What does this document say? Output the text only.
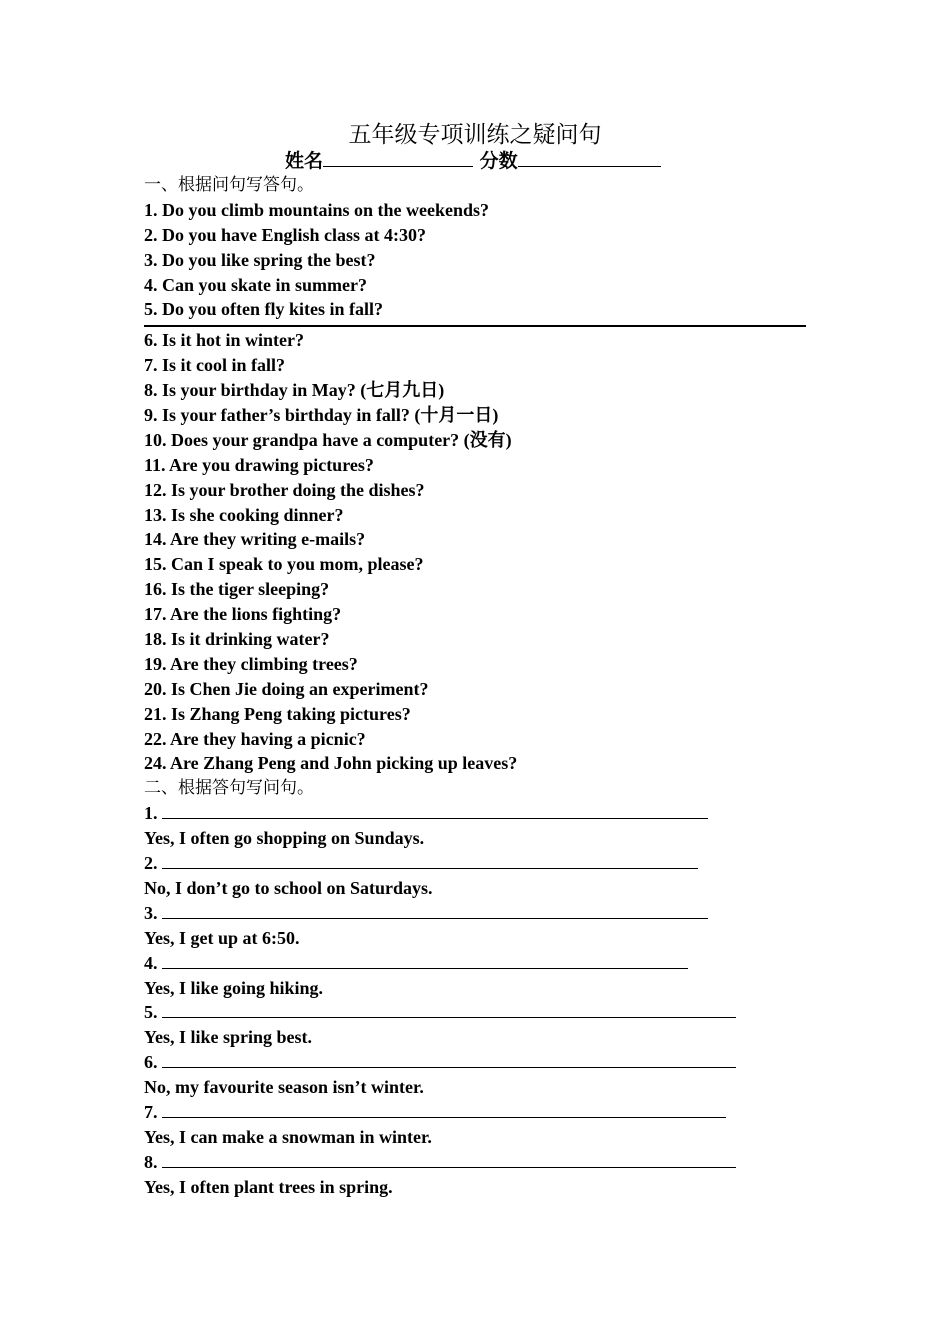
五年级专项训练之疑问句
姓名	分数
一、根据问句写答句。
1. Do you climb mountains on the weekends?
2. Do you have English class at 4:30?
3. Do you like spring the best?
4. Can you skate in summer?
5. Do you often fly kites in fall?
6. Is it hot in winter?
7. Is it cool in fall?
8. Is your birthday in May? (七月九日)
9. Is your father’s birthday in fall? (十月一日)
10. Does your grandpa have a computer? (没有)
11. Are you drawing pictures?
12. Is your brother doing the dishes?
13. Is she cooking dinner?
14. Are they writing e-mails?
15. Can I speak to you mom, please?
16. Is the tiger sleeping?
17. Are the lions fighting?
18. Is it drinking water?
19. Are they climbing trees?
20. Is Chen Jie doing an experiment?
21. Is Zhang Peng taking pictures?
22. Are they having a picnic?
24. Are Zhang Peng and John picking up leaves?
二、根据答句写问句。
1.
Yes, I often go shopping on Sundays.
2.
No, I don’t go to school on Saturdays.
3.
Yes, I get up at 6:50.
4.
Yes, I like going hiking.
5.
Yes, I like spring best.
6.
No, my favourite season isn’t winter.
7.
Yes, I can make a snowman in winter.
8.
Yes, I often plant trees in spring.
